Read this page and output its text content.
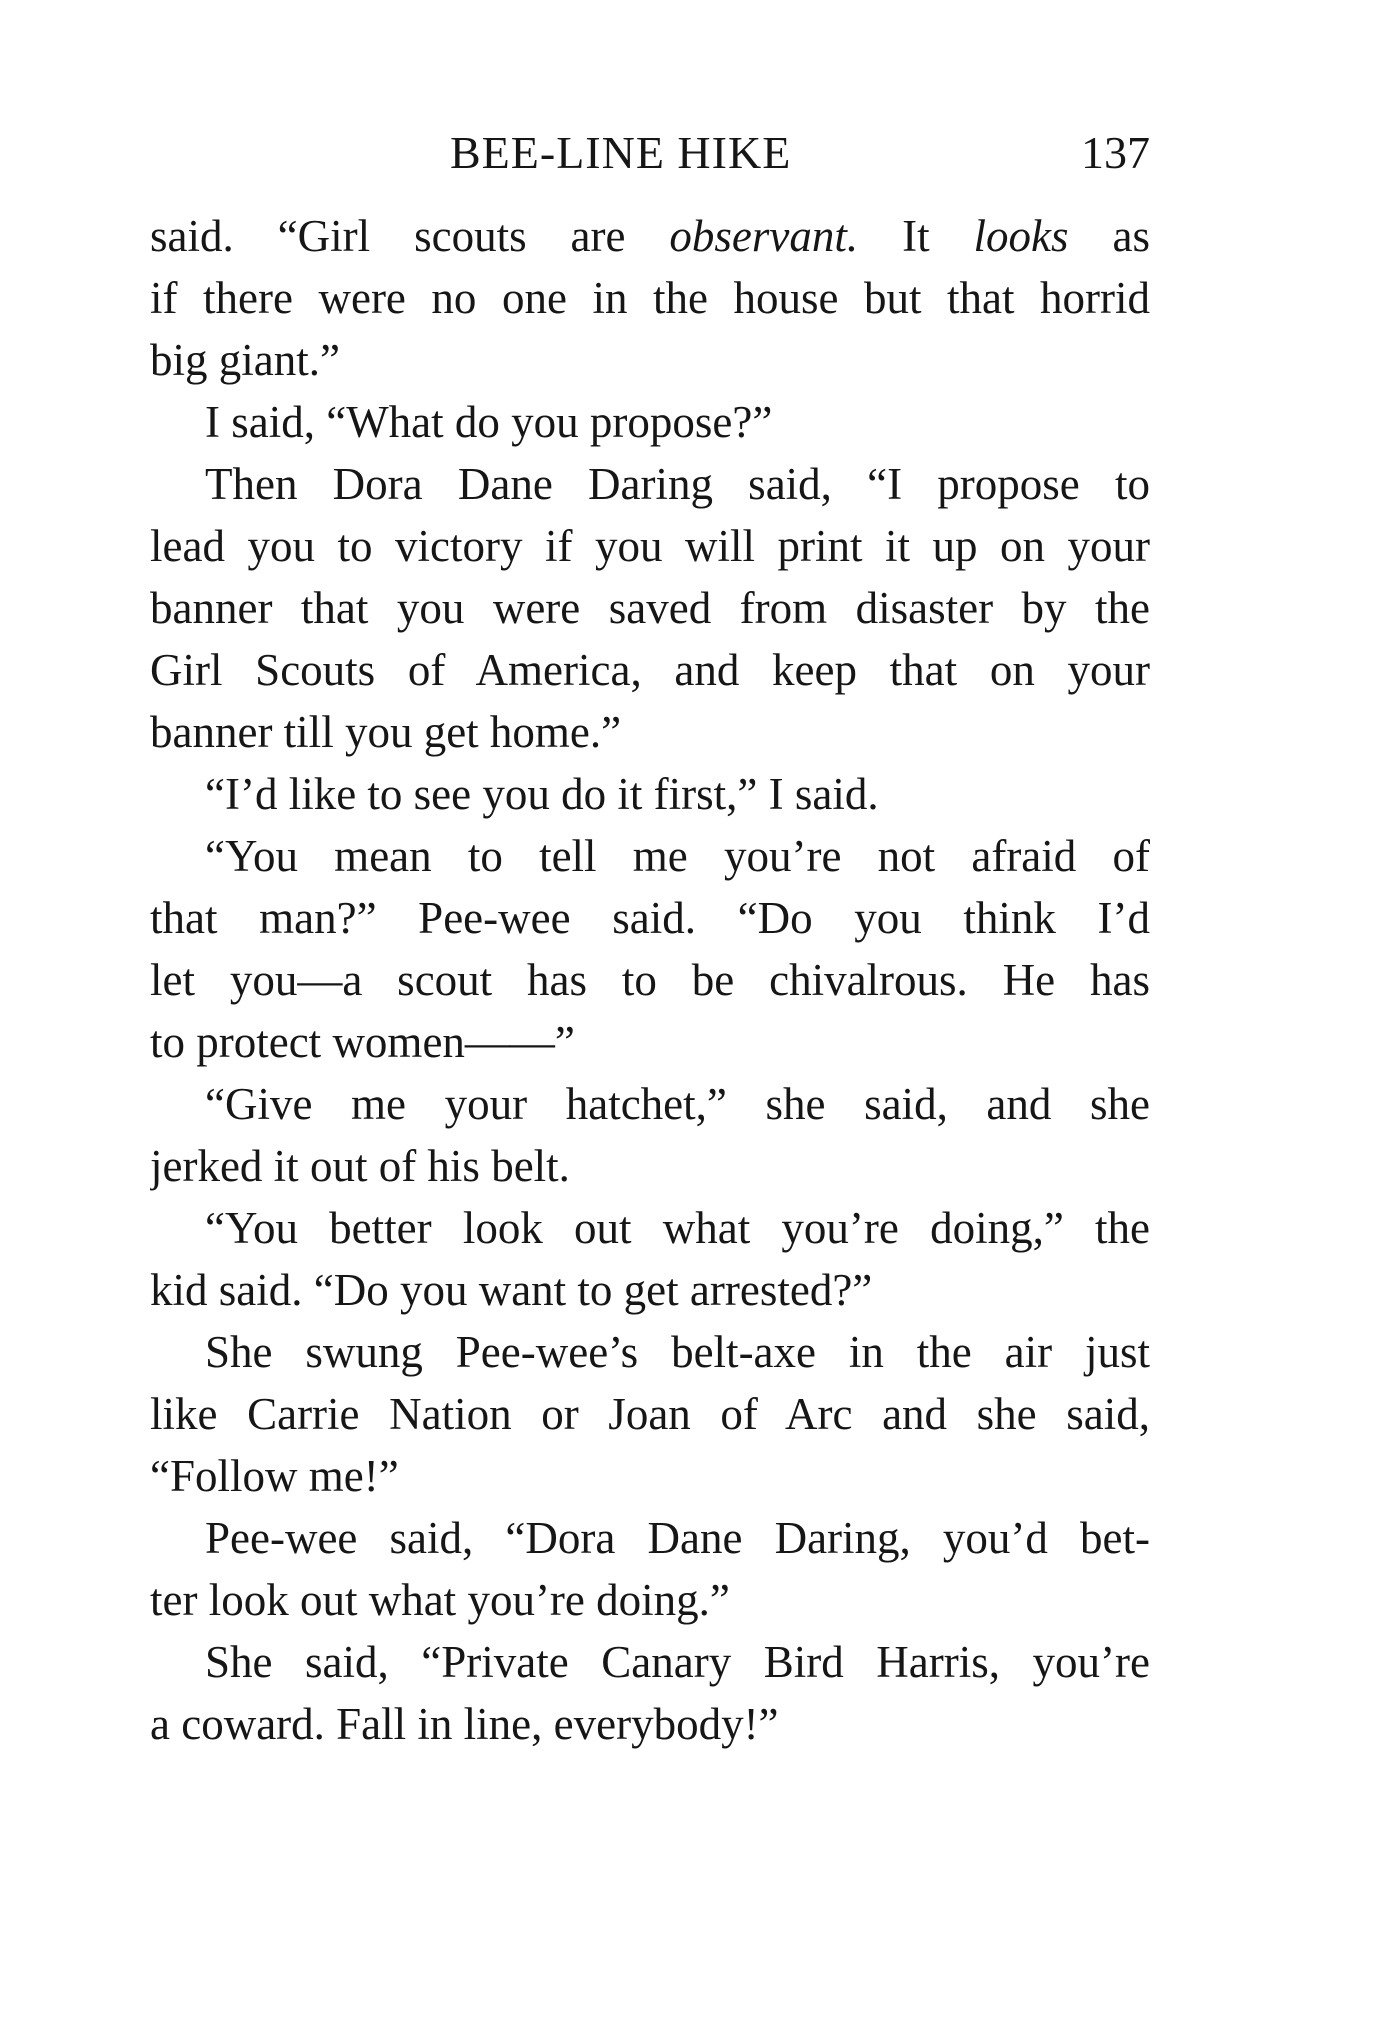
BEE-LINE HIKE	137
said. “Girl scouts are observant. It looks as
if there were no one in the house but that horrid
big giant.”
I said, “What do you propose?”
Then Dora Dane Daring said, “I propose to
lead you to victory if you will print it up on your
banner that you were saved from disaster by the
Girl Scouts of America, and keep that on your
banner till you get home.”
“I’d like to see you do it first,” I said.
“You mean to tell me you’re not afraid of
that man?” Pee-wee said. “Do you think I’d
let you—a scout has to be chivalrous. He has
to protect women——”
“Give me your hatchet,” she said, and she
jerked it out of his belt.
“You better look out what you’re doing,” the
kid said. “Do you want to get arrested?”
She swung Pee-wee’s belt-axe in the air just
like Carrie Nation or Joan of Arc and she said,
“Follow me!”
Pee-wee said, “Dora Dane Daring, you’d bet-
ter look out what you’re doing.”
She said, “Private Canary Bird Harris, you’re
a coward. Fall in line, everybody!”
